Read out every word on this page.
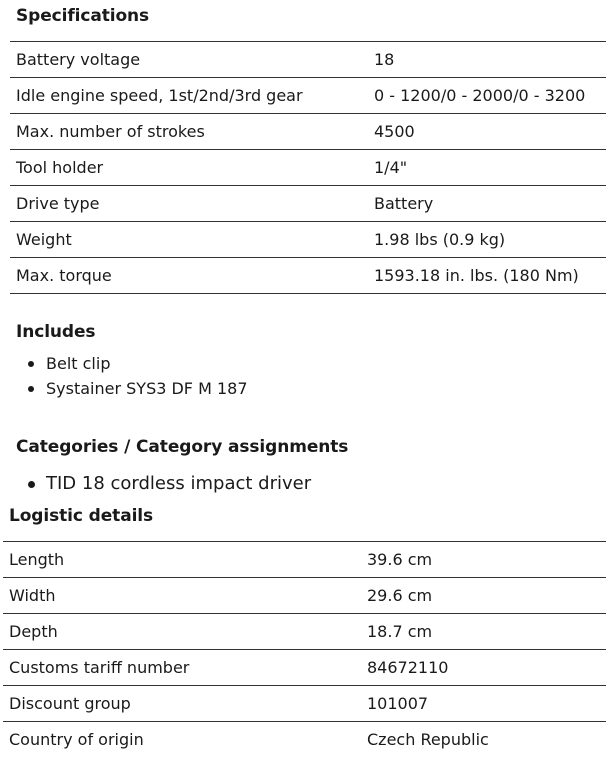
Specifications
Battery voltage	18
Idle engine speed, 1st/2nd/3rd gear	0 - 1200/0 - 2000/0 - 3200
Max. number of strokes	4500
Tool holder	1/4"
Drive type	Battery
Weight	1.98 lbs (0.9 kg)
Max. torque	1593.18 in. lbs. (180 Nm)
Includes
Belt clip
Systainer SYS3 DF M 187
Categories / Category assignments
TID 18 cordless impact driver
Logistic details
Length	39.6 cm
Width	29.6 cm
Depth	18.7 cm
Customs tariff number	84672110
Discount group	101007
Country of origin	Czech Republic
